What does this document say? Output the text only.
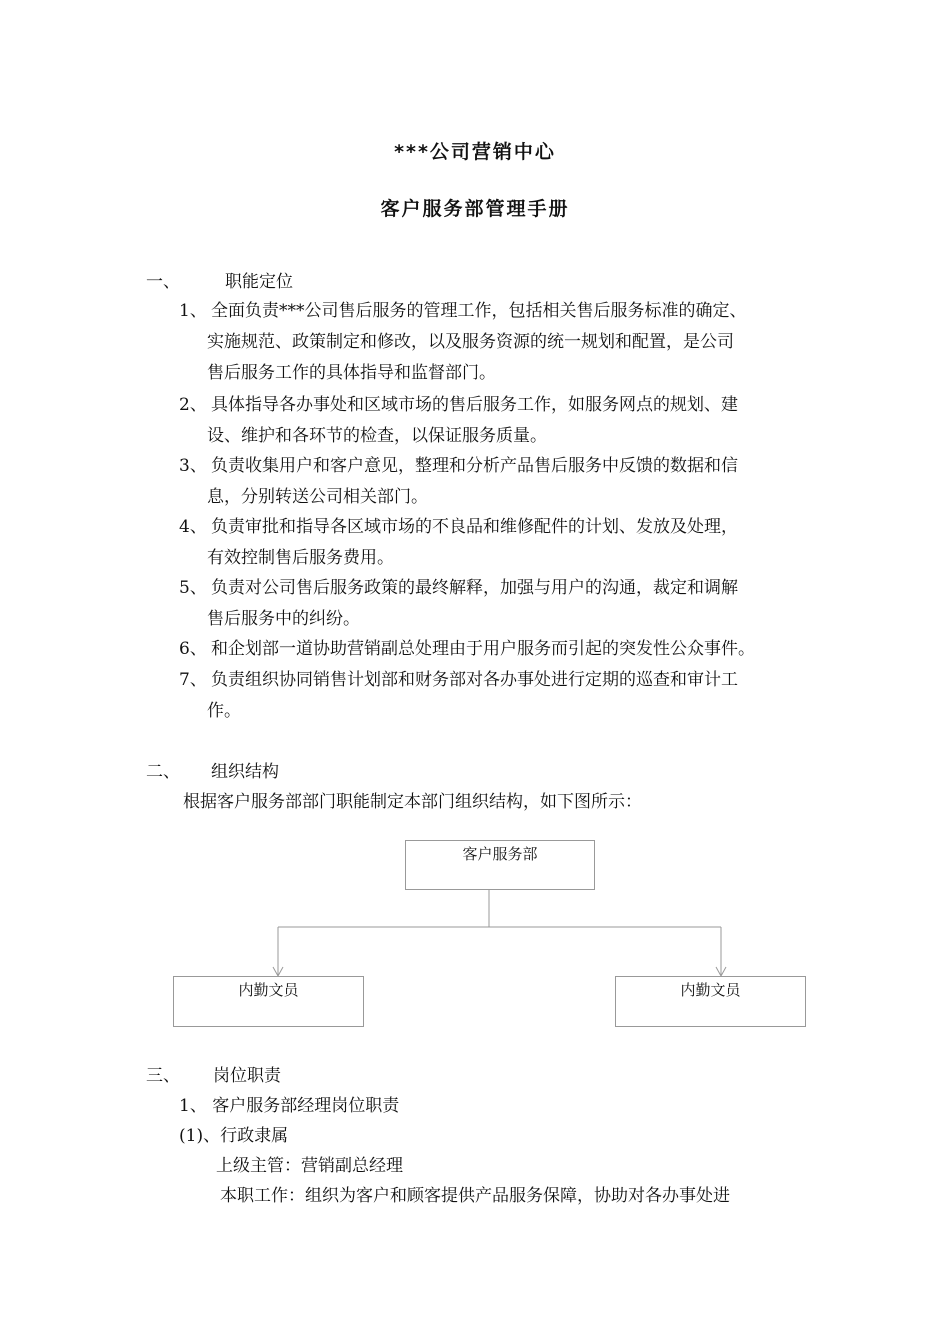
***公司营销中心
客户服务部管理手册
一、	职能定位
1、 全面负责***公司售后服务的管理工作，包括相关售后服务标准的确定、
实施规范、政策制定和修改，以及服务资源的统一规划和配置，是公司
售后服务工作的具体指导和监督部门。
2、 具体指导各办事处和区域市场的售后服务工作，如服务网点的规划、建
设、维护和各环节的检查，以保证服务质量。
3、 负责收集用户和客户意见，整理和分析产品售后服务中反馈的数据和信
息，分别转送公司相关部门。
4、 负责审批和指导各区域市场的不良品和维修配件的计划、发放及处理，
有效控制售后服务费用。
5、 负责对公司售后服务政策的最终解释，加强与用户的沟通，裁定和调解
售后服务中的纠纷。
6、 和企划部一道协助营销副总处理由于用户服务而引起的突发性公众事件。
7、 负责组织协同销售计划部和财务部对各办事处进行定期的巡查和审计工
作。
二、 组织结构
根据客户服务部部门职能制定本部门组织结构，如下图所示：
客户服务部
内勤文员	内勤文员
三、 岗位职责
1、 客户服务部经理岗位职责
(1)、行政隶属
上级主管：营销副总经理
本职工作：组织为客户和顾客提供产品服务保障，协助对各办事处进
